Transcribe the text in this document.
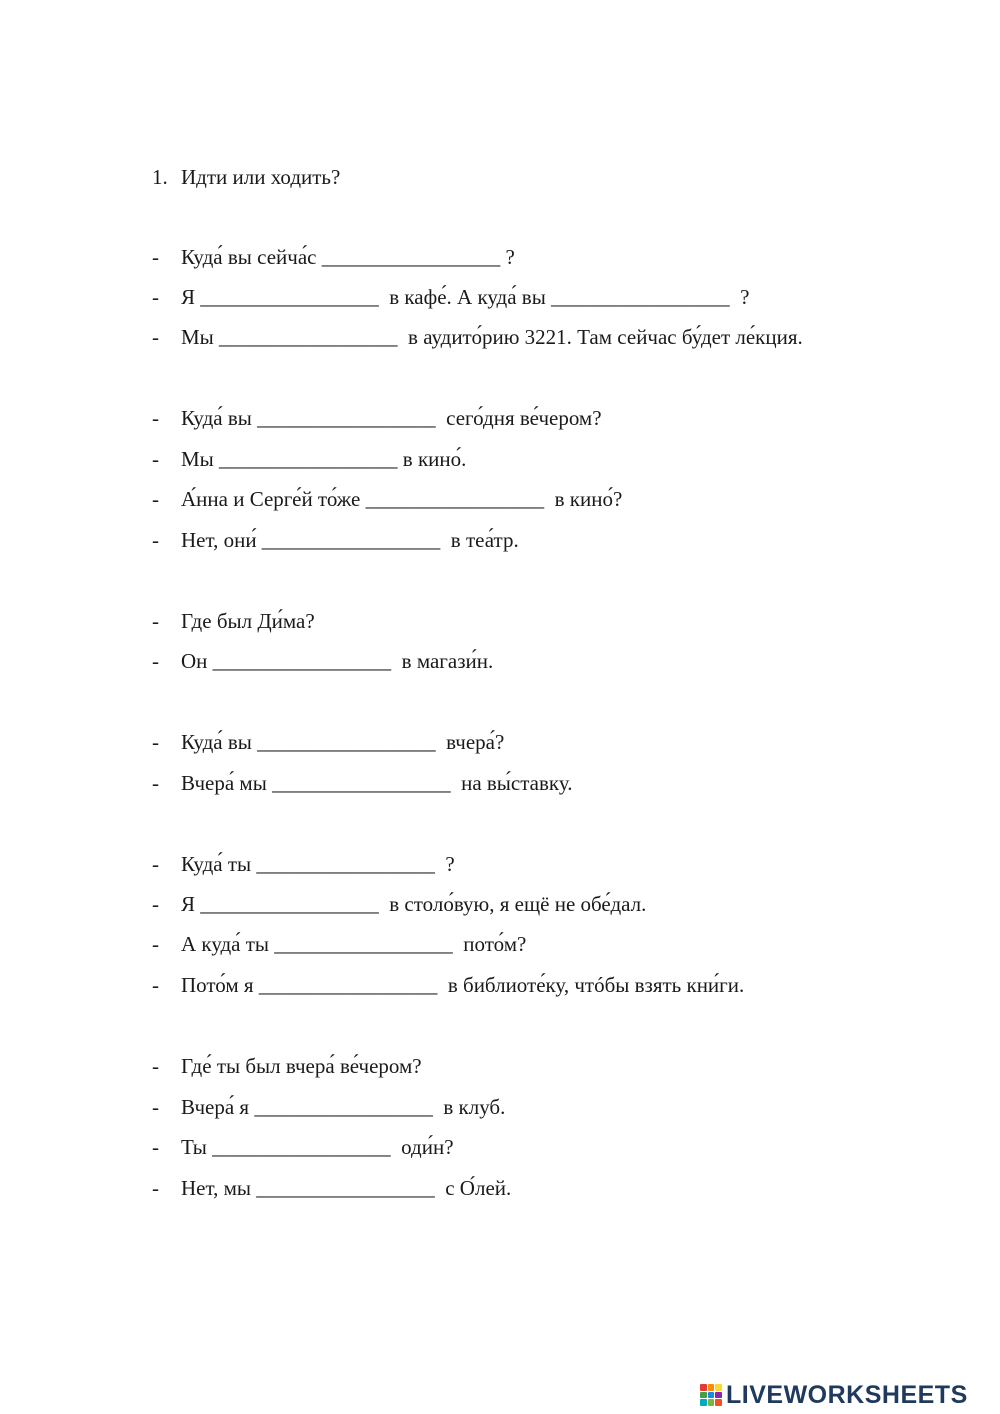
1. Идти или ходить?
- Куда́ вы сейча́с _________________ ?
- Я _________________  в кафе́. А куда́ вы _________________  ?
- Мы _________________  в аудито́рию 3221. Там сейчас бу́дет ле́кция.
- Куда́ вы _________________  сего́дня ве́чером?
- Мы _________________ в кино́.
- А́нна и Серге́й то́же _________________  в кино́?
- Нет, они́ _________________  в теа́тр.
- Где был Ди́ма?
- Он _________________  в магази́н.
- Куда́ вы _________________  вчера́?
- Вчера́ мы _________________  на вы́ставку.
- Куда́ ты _________________  ?
- Я _________________  в столо́вую, я ещё не обе́дал.
- А куда́ ты _________________  пото́м?
- Пото́м я _________________  в библиоте́ку, чтóбы взять кни́ги.
- Где́ ты был вчера́ ве́чером?
- Вчера́ я _________________  в клуб.
- Ты _________________  оди́н?
- Нет, мы _________________  с О́лей.
LIVEWORKSHEETS
